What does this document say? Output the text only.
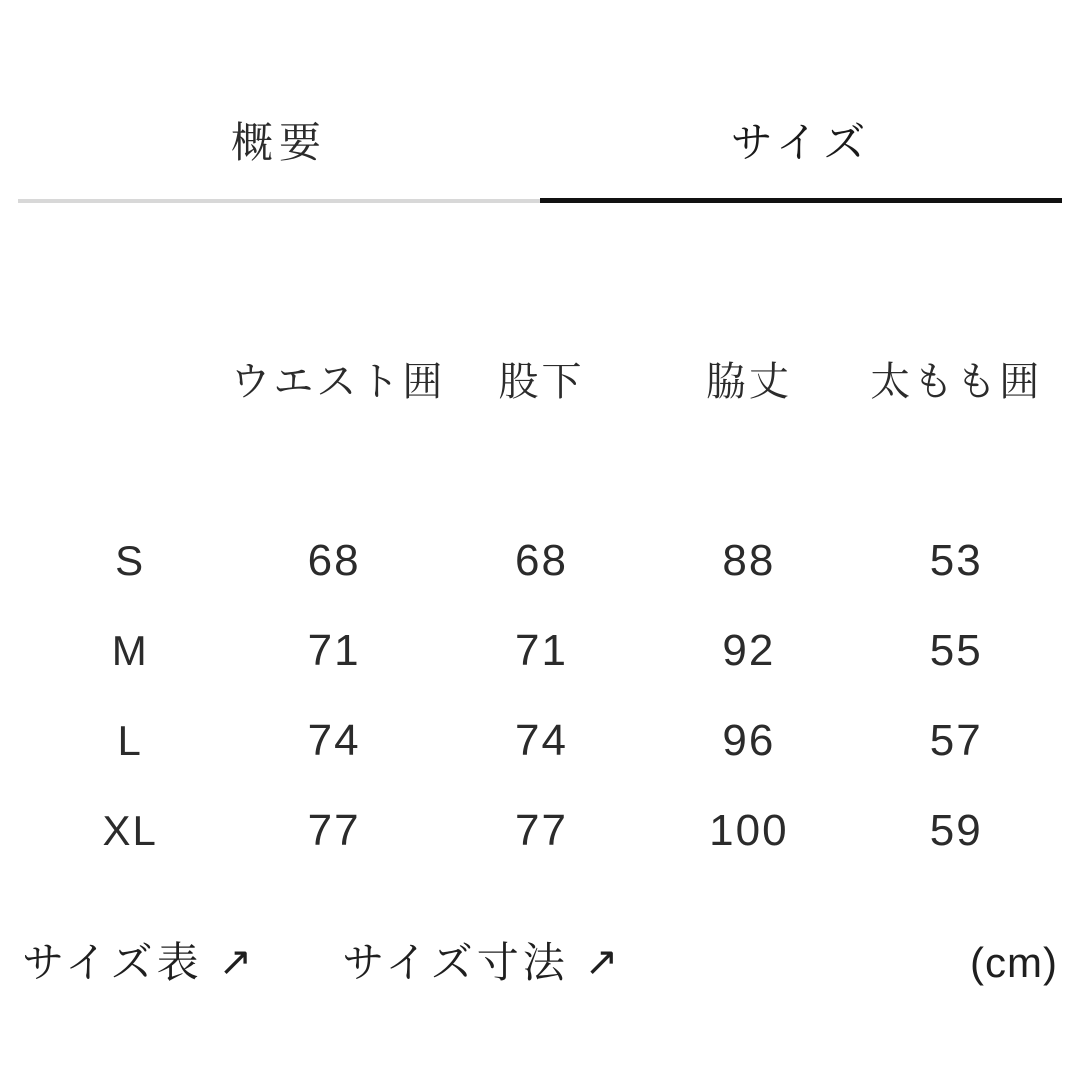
概要	サイズ
	ウエスト囲	股下	脇丈	太もも囲

S	68	68	88	53
M	71	71	92	55
L	74	74	96	57
XL	77	77	100	59
サイズ表 ↗ サイズ寸法 ↗	(cm)
